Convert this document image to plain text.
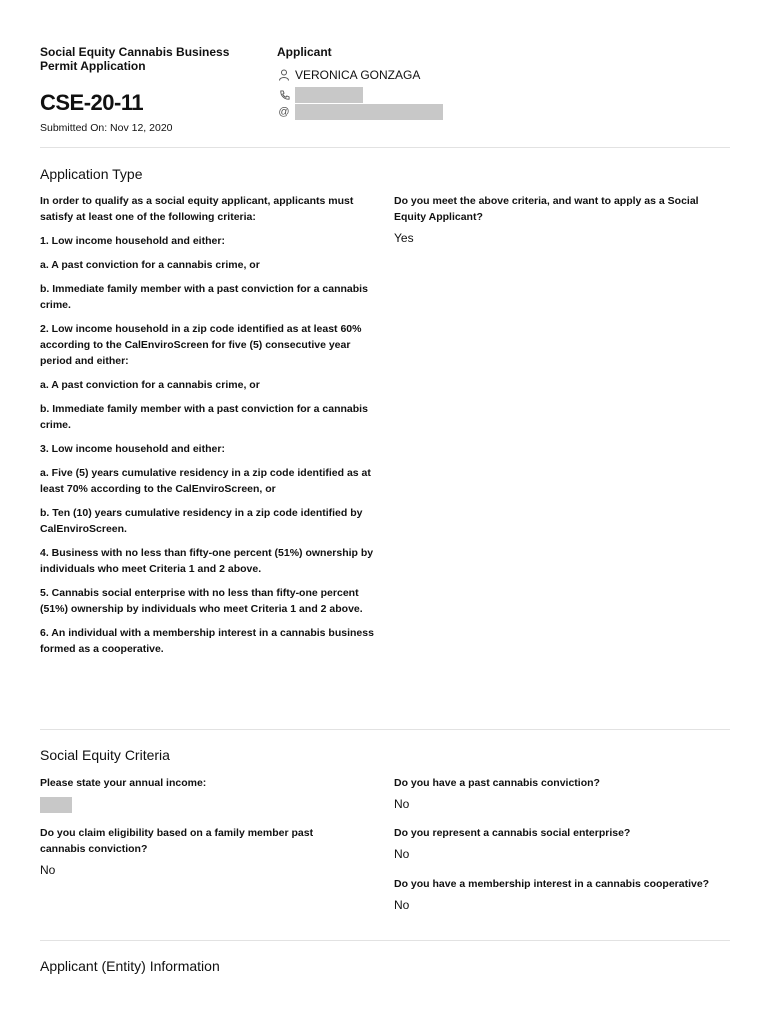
Social Equity Cannabis Business Permit Application
CSE-20-11
Submitted On: Nov 12, 2020
Applicant
VERONICA GONZAGA
@
Application Type

In order to qualify as a social equity applicant, applicants must satisfy at least one of the following criteria:

1. Low income household and either:

a. A past conviction for a cannabis crime, or

b. Immediate family member with a past conviction for a cannabis crime.

2. Low income household in a zip code identified as at least 60% according to the CalEnviroScreen for five (5) consecutive year period and either:

a. A past conviction for a cannabis crime, or

b. Immediate family member with a past conviction for a cannabis crime.

3. Low income household and either:

a. Five (5) years cumulative residency in a zip code identified as at least 70% according to the CalEnviroScreen, or

b. Ten (10) years cumulative residency in a zip code identified by CalEnviroScreen.

4. Business with no less than fifty-one percent (51%) ownership by individuals who meet Criteria 1 and 2 above.

5. Cannabis social enterprise with no less than fifty-one percent (51%) ownership by individuals who meet Criteria 1 and 2 above.

6. An individual with a membership interest in a cannabis business formed as a cooperative.

Do you meet the above criteria, and want to apply as a Social Equity Applicant?
Yes
Social Equity Criteria
Please state your annual income:
Do you claim eligibility based on a family member past cannabis conviction?
No
Do you have a past cannabis conviction?
No
Do you represent a cannabis social enterprise?
No
Do you have a membership interest in a cannabis cooperative?
No
Applicant (Entity) Information
